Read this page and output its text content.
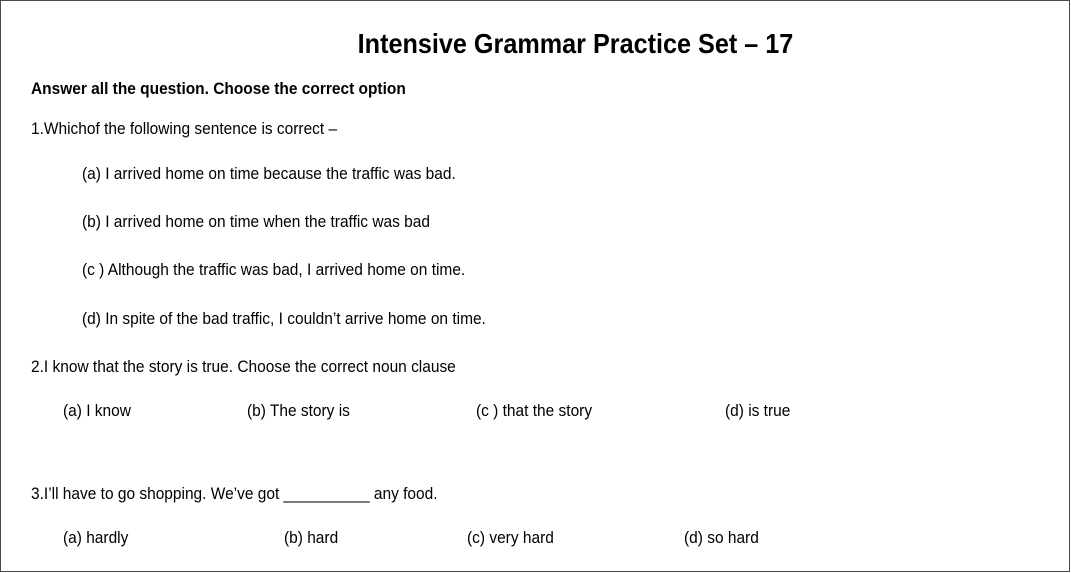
Intensive Grammar Practice Set – 17
Answer all the question. Choose the correct option
1.Whichof the following sentence is correct –
(a) I arrived home on time because the traffic was bad.
(b) I arrived home on time when the traffic was bad
(c ) Although the traffic was bad, I arrived home on time.
(d) In spite of the bad traffic, I couldn’t arrive home on time.
2.I know that the story is true. Choose the correct noun clause
(a) I know	(b) The story is	(c ) that the story	(d) is true
3.I’ll have to go shopping. We’ve got __________ any food.
(a) hardly	(b) hard	(c) very hard	(d) so hard
